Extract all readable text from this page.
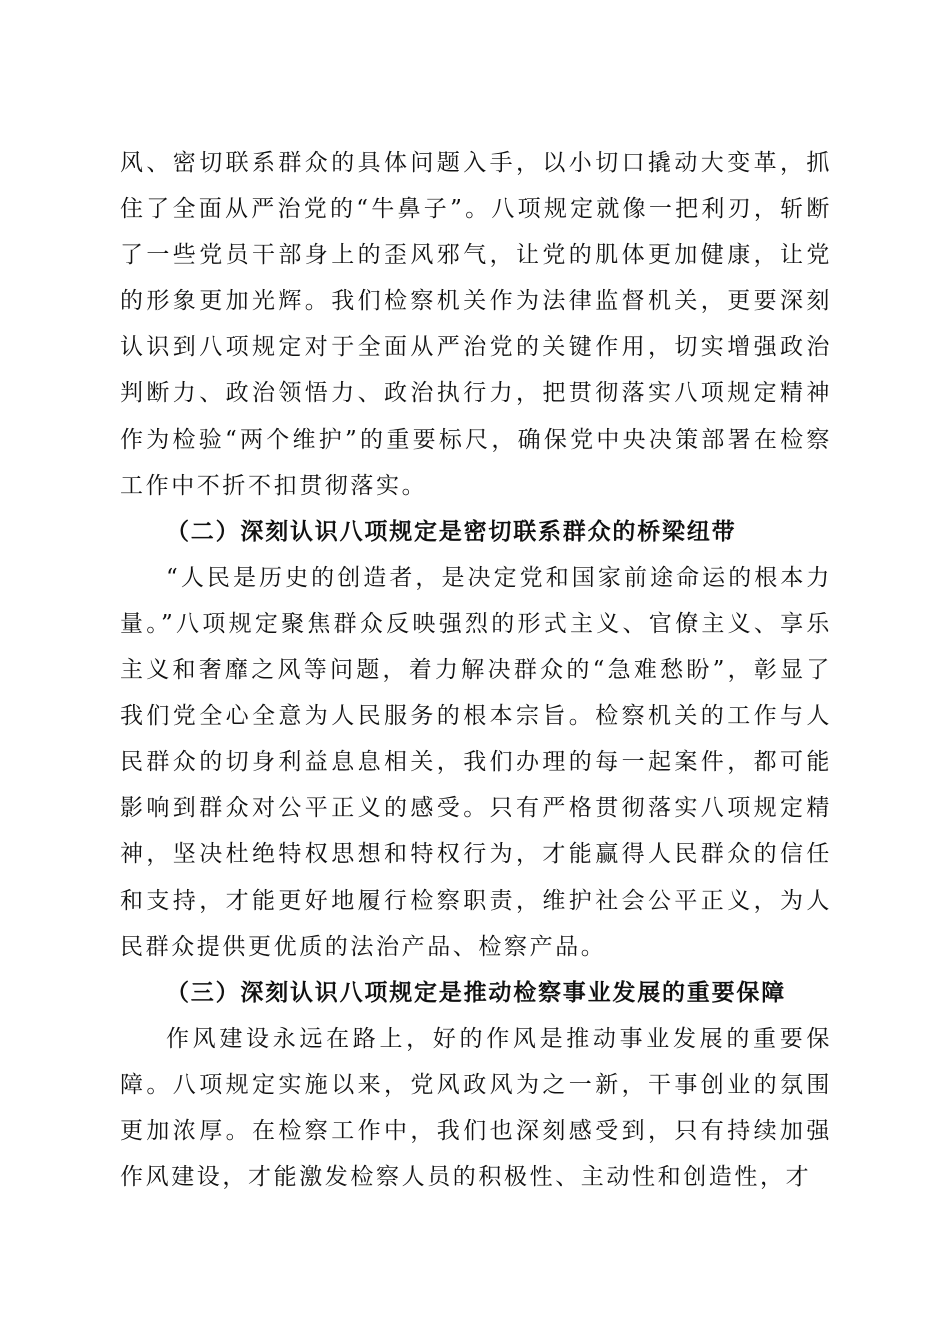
风、密切联系群众的具体问题入手，以小切口撬动大变革，抓住了全面从严治党的“牛鼻子”。八项规定就像一把利刃，斩断了一些党员干部身上的歪风邪气，让党的肌体更加健康，让党的形象更加光辉。我们检察机关作为法律监督机关，更要深刻认识到八项规定对于全面从严治党的关键作用，切实增强政治判断力、政治领悟力、政治执行力，把贯彻落实八项规定精神作为检验“两个维护”的重要标尺，确保党中央决策部署在检察工作中不折不扣贯彻落实。

（二）深刻认识八项规定是密切联系群众的桥梁纽带

“人民是历史的创造者，是决定党和国家前途命运的根本力量。”八项规定聚焦群众反映强烈的形式主义、官僚主义、享乐主义和奢靡之风等问题，着力解决群众的“急难愁盼”，彰显了我们党全心全意为人民服务的根本宗旨。检察机关的工作与人民群众的切身利益息息相关，我们办理的每一起案件，都可能影响到群众对公平正义的感受。只有严格贯彻落实八项规定精神，坚决杜绝特权思想和特权行为，才能赢得人民群众的信任和支持，才能更好地履行检察职责，维护社会公平正义，为人民群众提供更优质的法治产品、检察产品。

（三）深刻认识八项规定是推动检察事业发展的重要保障

作风建设永远在路上，好的作风是推动事业发展的重要保障。八项规定实施以来，党风政风为之一新，干事创业的氛围更加浓厚。在检察工作中，我们也深刻感受到，只有持续加强作风建设，才能激发检察人员的积极性、主动性和创造性，才
